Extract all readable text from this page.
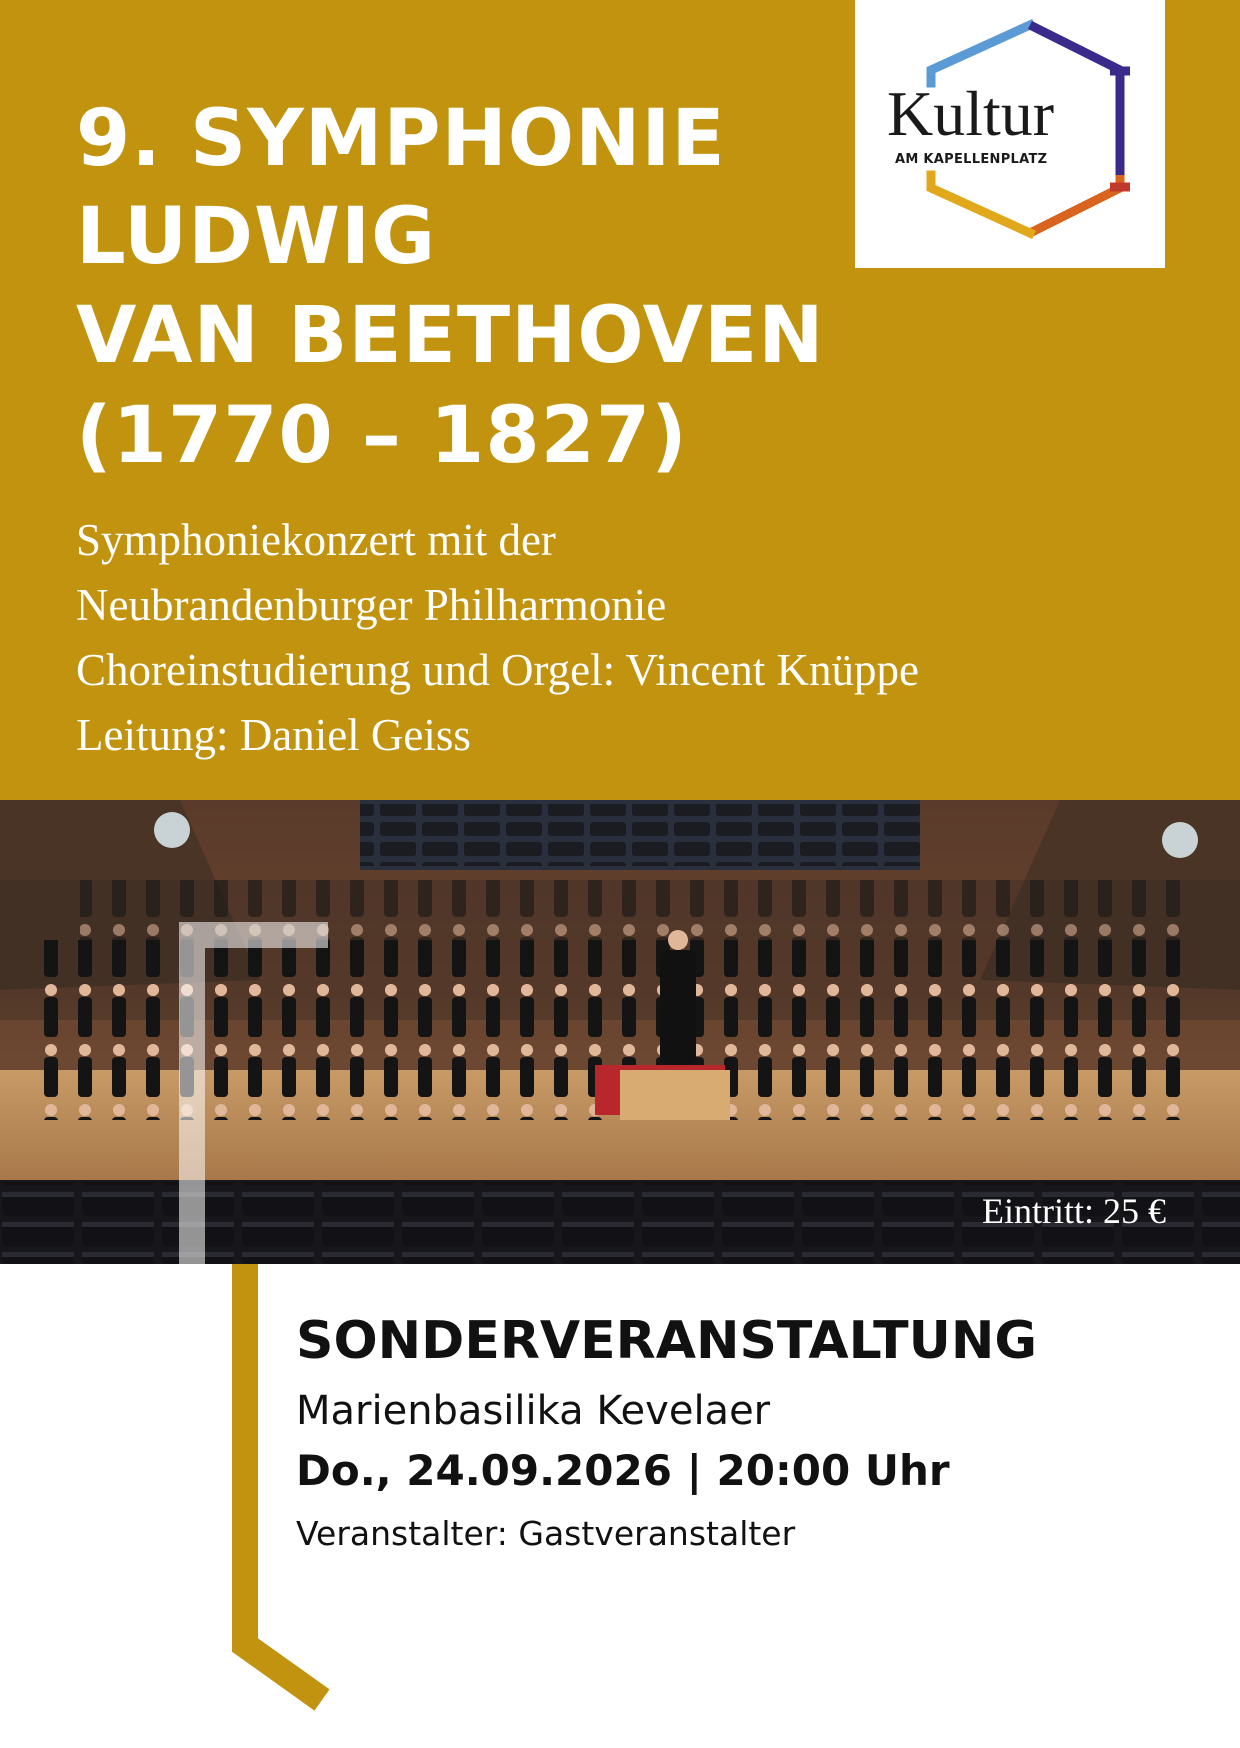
9. SYMPHONIE
LUDWIG
VAN BEETHOVEN
(1770 – 1827)
Symphoniekonzert mit der
Neubrandenburger Philharmonie
Choreinstudierung und Orgel: Vincent Knüppe
Leitung: Daniel Geiss
Kultur
AM KAPELLENPLATZ
Eintritt: 25 €
SONDERVERANSTALTUNG
Marienbasilika Kevelaer
Do., 24.09.2026 | 20:00 Uhr
Veranstalter: Gastveranstalter
